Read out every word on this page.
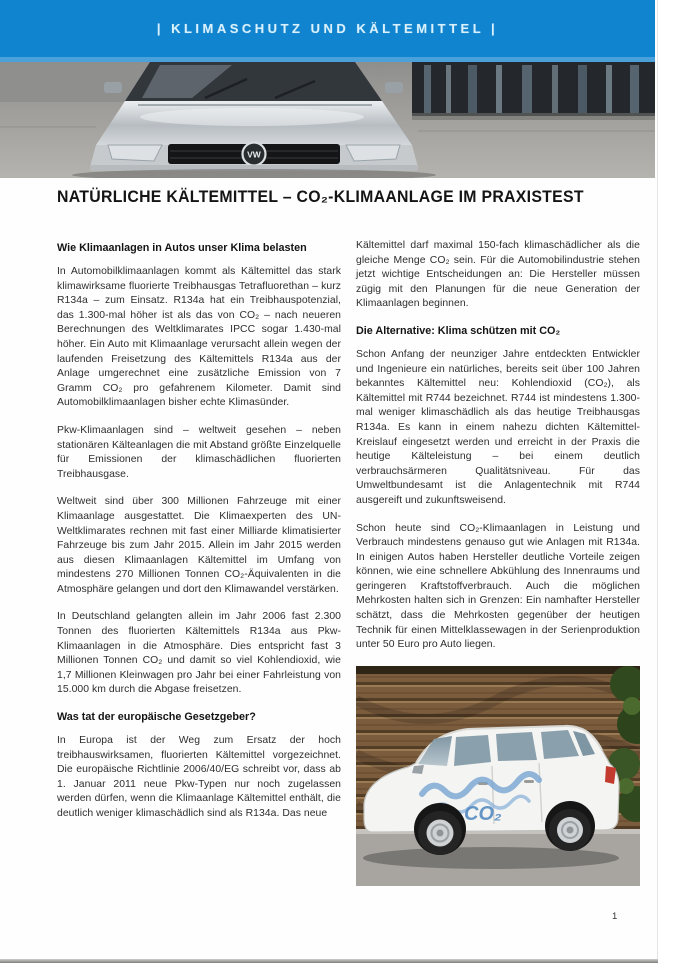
| KLIMASCHUTZ UND KÄLTEMITTEL |
VW
NATÜRLICHE KÄLTEMITTEL – CO₂-KLIMAANLAGE IM PRAXISTEST
Wie Klimaanlagen in Autos unser Klima belasten

In Automobilklimaanlagen kommt als Kältemittel das stark klimawirksame fluorierte Treibhausgas Tetrafluorethan – kurz R134a – zum Einsatz. R134a hat ein Treibhauspotenzial, das 1.300-mal höher ist als das von CO₂ – nach neueren Berechnungen des Weltklimarates IPCC sogar 1.430-mal höher. Ein Auto mit Klimaanlage verursacht allein wegen der laufenden Freisetzung des Kältemittels R134a aus der Anlage umgerechnet eine zusätzliche Emission von 7 Gramm CO₂ pro gefahrenem Kilometer. Damit sind Automobilklimaanlagen bisher echte Klimasünder.

Pkw-Klimaanlagen sind – weltweit gesehen – neben stationären Kälteanlagen die mit Abstand größte Einzelquelle für Emissionen der klimaschädlichen fluorierten Treibhausgase.

Weltweit sind über 300 Millionen Fahrzeuge mit einer Klimaanlage ausgestattet. Die Klimaexperten des UN-Weltklimarates rechnen mit fast einer Milliarde klimatisierter Fahrzeuge bis zum Jahr 2015. Allein im Jahr 2015 werden aus diesen Klimaanlagen Kältemittel im Umfang von mindestens 270 Millionen Tonnen CO₂-Äquivalenten in die Atmosphäre gelangen und dort den Klimawandel verstärken.

In Deutschland gelangten allein im Jahr 2006 fast 2.300 Tonnen des fluorierten Kältemittels R134a aus Pkw-Klimaanlagen in die Atmosphäre. Dies entspricht fast 3 Millionen Tonnen CO₂ und damit so viel Kohlendioxid, wie 1,7 Millionen Kleinwagen pro Jahr bei einer Fahrleistung von 15.000 km durch die Abgase freisetzen.

Was tat der europäische Gesetzgeber?

In Europa ist der Weg zum Ersatz der hoch treibhauswirksamen, fluorierten Kältemittel vorgezeichnet. Die europäische Richtlinie 2006/40/EG schreibt vor, dass ab 1. Januar 2011 neue Pkw-Typen nur noch zugelassen werden dürfen, wenn die Klimaanlage Kältemittel enthält, die deutlich weniger klimaschädlich sind als R134a. Das neue

Kältemittel darf maximal 150-fach klimaschädlicher als die gleiche Menge CO₂ sein. Für die Automobilindustrie stehen jetzt wichtige Entscheidungen an: Die Hersteller müssen zügig mit den Planungen für die neue Generation der Klimaanlagen beginnen.

Die Alternative: Klima schützen mit CO₂

Schon Anfang der neunziger Jahre entdeckten Entwickler und Ingenieure ein natürliches, bereits seit über 100 Jahren bekanntes Kältemittel neu: Kohlendioxid (CO₂), als Kältemittel mit R744 bezeichnet. R744 ist mindestens 1.300-mal weniger klimaschädlich als das heutige Treibhausgas R134a. Es kann in einem nahezu dichten Kältemittel-Kreislauf eingesetzt werden und erreicht in der Praxis die heutige Kälteleistung – bei einem deutlich verbrauchsärmeren Qualitätsniveau. Für das Umweltbundesamt ist die Anlagentechnik mit R744 ausgereift und zukunftsweisend.

Schon heute sind CO₂-Klimaanlagen in Leistung und Verbrauch mindestens genauso gut wie Anlagen mit R134a. In einigen Autos haben Hersteller deutliche Vorteile zeigen können, wie eine schnellere Abkühlung des Innenraums und geringeren Kraftstoffverbrauch. Auch die möglichen Mehrkosten halten sich in Grenzen: Ein namhafter Hersteller schätzt, dass die Mehrkosten gegenüber der heutigen Technik für einen Mittelklassewagen in der Serienproduktion unter 50 Euro pro Auto liegen.

CO₂
1
